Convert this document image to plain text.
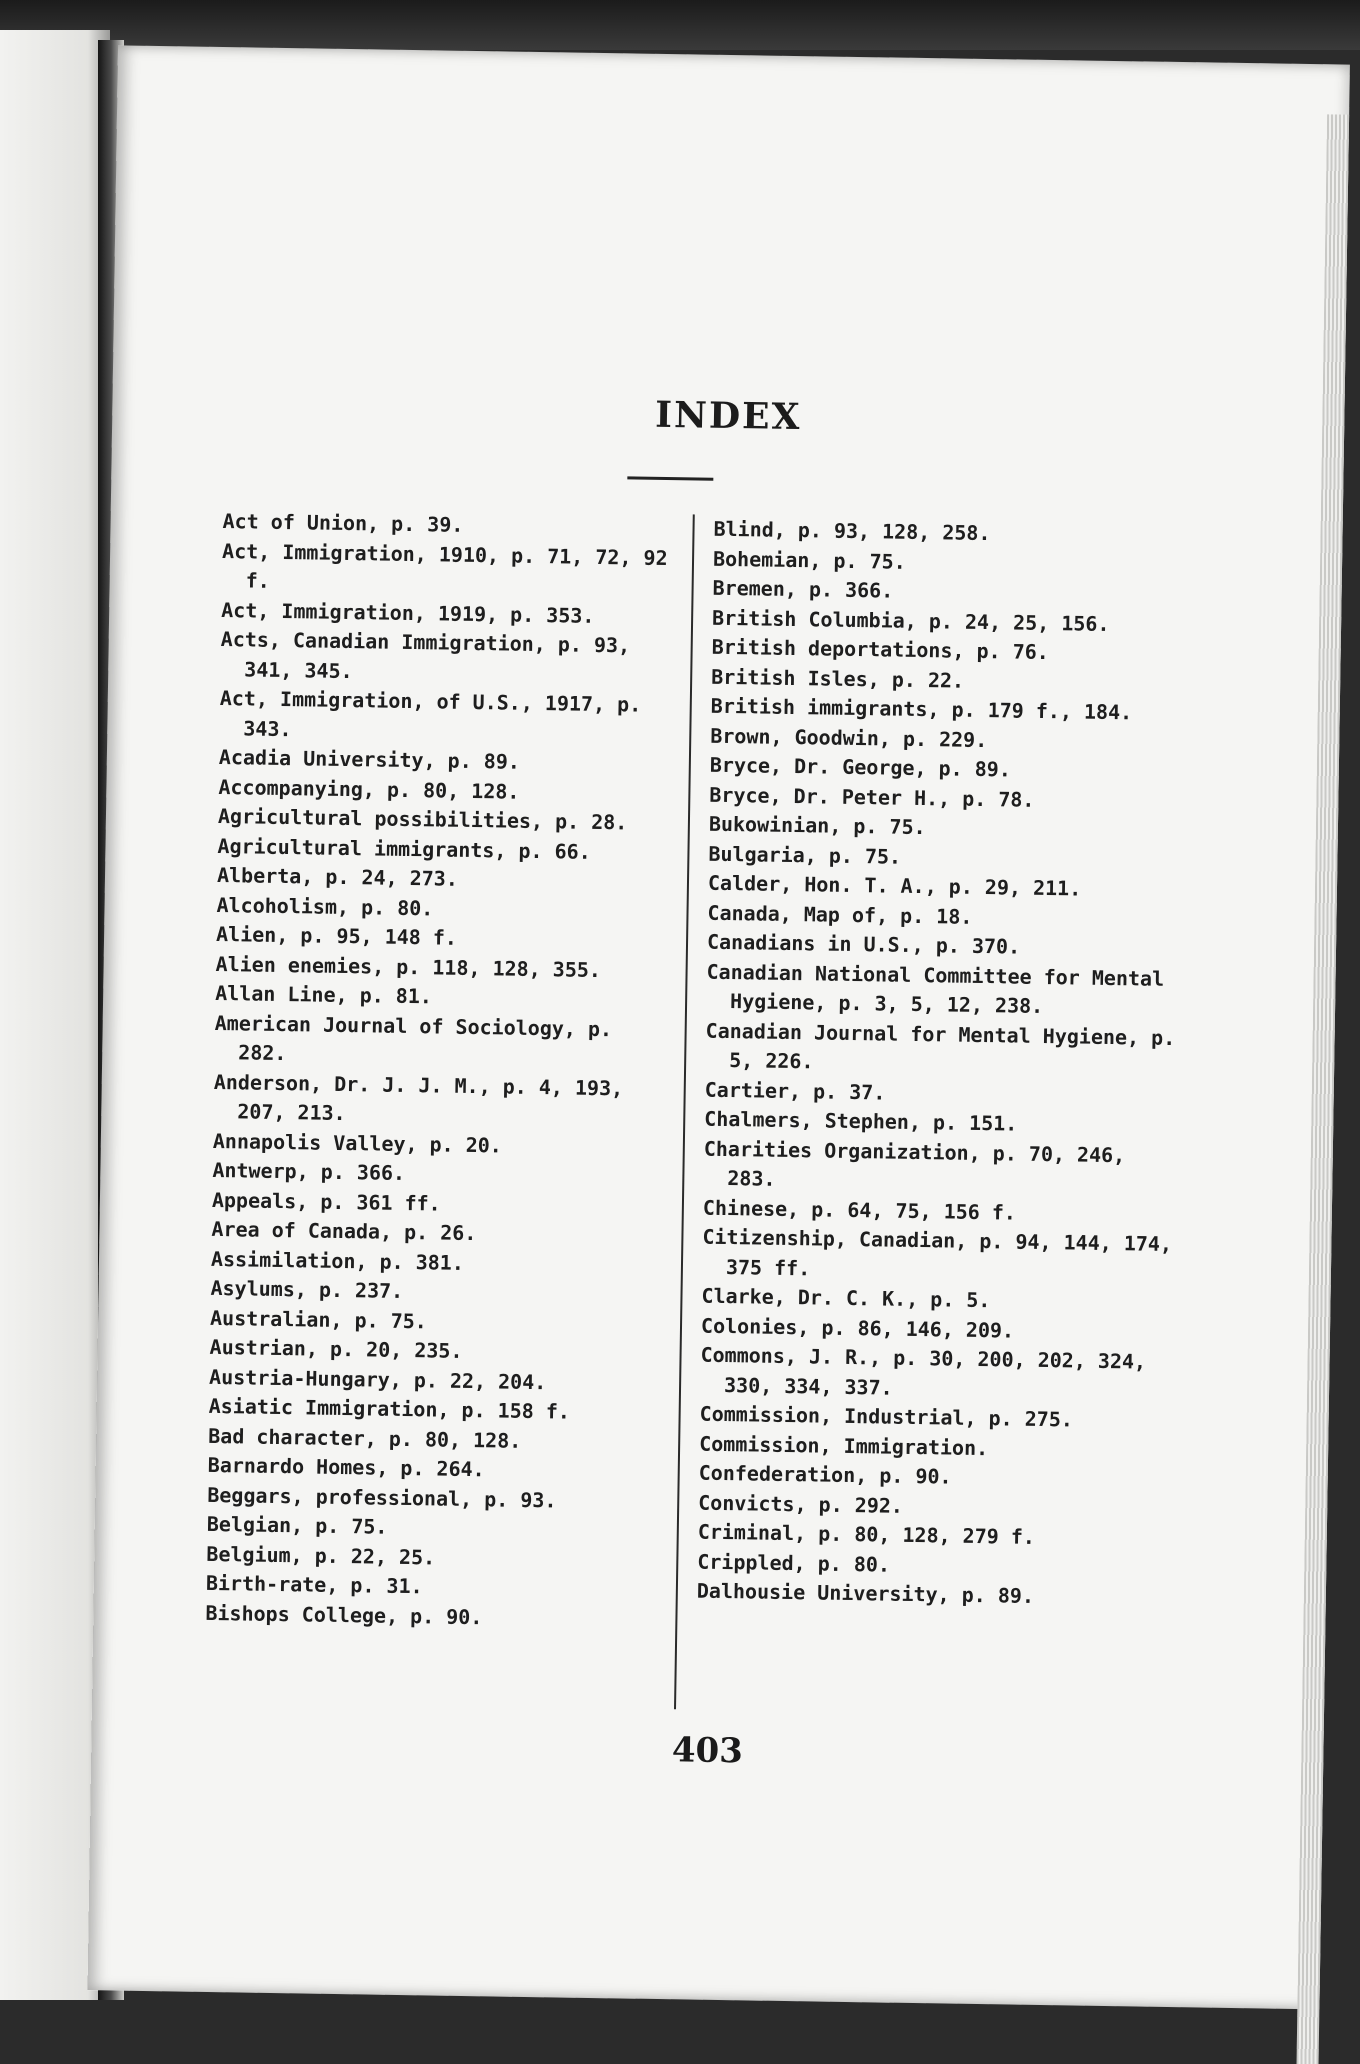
INDEX
Act of Union, p. 39.
Act, Immigration, 1910, p. 71, 72, 92 f.
Act, Immigration, 1919, p. 353.
Acts, Canadian Immigration, p. 93, 341, 345.
Act, Immigration, of U.S., 1917, p. 343.
Acadia University, p. 89.
Accompanying, p. 80, 128.
Agricultural possibilities, p. 28.
Agricultural immigrants, p. 66.
Alberta, p. 24, 273.
Alcoholism, p. 80.
Alien, p. 95, 148 f.
Alien enemies, p. 118, 128, 355.
Allan Line, p. 81.
American Journal of Sociology, p. 282.
Anderson, Dr. J. J. M., p. 4, 193, 207, 213.
Annapolis Valley, p. 20.
Antwerp, p. 366.
Appeals, p. 361 ff.
Area of Canada, p. 26.
Assimilation, p. 381.
Asylums, p. 237.
Australian, p. 75.
Austrian, p. 20, 235.
Austria-Hungary, p. 22, 204.
Asiatic Immigration, p. 158 f.
Bad character, p. 80, 128.
Barnardo Homes, p. 264.
Beggars, professional, p. 93.
Belgian, p. 75.
Belgium, p. 22, 25.
Birth-rate, p. 31.
Bishops College, p. 90.
Blind, p. 93, 128, 258.
Bohemian, p. 75.
Bremen, p. 366.
British Columbia, p. 24, 25, 156.
British deportations, p. 76.
British Isles, p. 22.
British immigrants, p. 179 f., 184.
Brown, Goodwin, p. 229.
Bryce, Dr. George, p. 89.
Bryce, Dr. Peter H., p. 78.
Bukowinian, p. 75.
Bulgaria, p. 75.
Calder, Hon. T. A., p. 29, 211.
Canada, Map of, p. 18.
Canadians in U.S., p. 370.
Canadian National Committee for Mental Hygiene, p. 3, 5, 12, 238.
Canadian Journal for Mental Hygiene, p. 5, 226.
Cartier, p. 37.
Chalmers, Stephen, p. 151.
Charities Organization, p. 70, 246, 283.
Chinese, p. 64, 75, 156 f.
Citizenship, Canadian, p. 94, 144, 174, 375 ff.
Clarke, Dr. C. K., p. 5.
Colonies, p. 86, 146, 209.
Commons, J. R., p. 30, 200, 202, 324, 330, 334, 337.
Commission, Industrial, p. 275.
Commission, Immigration.
Confederation, p. 90.
Convicts, p. 292.
Criminal, p. 80, 128, 279 f.
Crippled, p. 80.
Dalhousie University, p. 89.
403
